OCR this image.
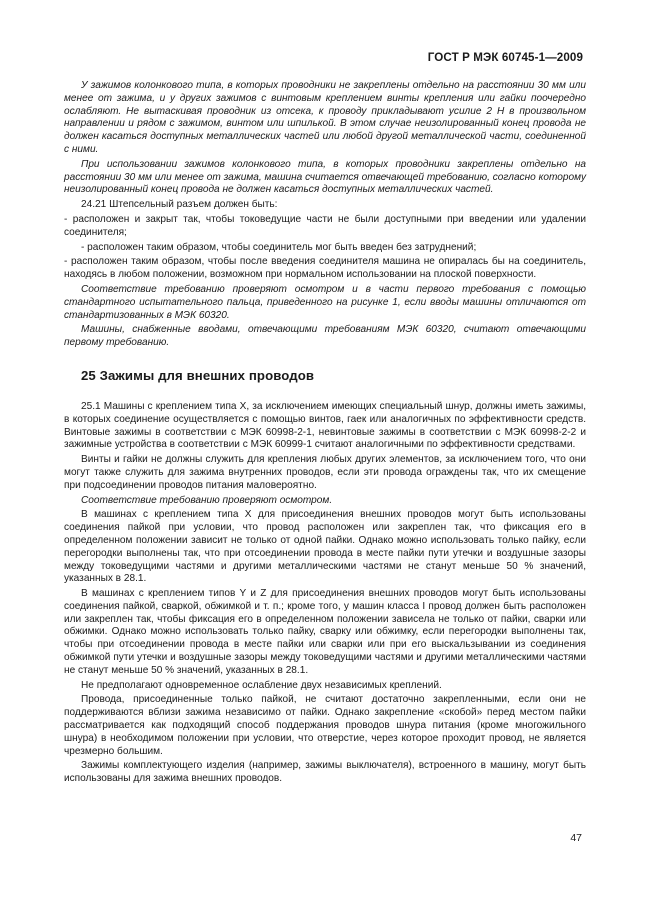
ГОСТ Р МЭК 60745-1—2009

У зажимов колонкового типа, в которых проводники не закреплены отдельно на расстоянии 30 мм или менее от зажима, и у других зажимов с винтовым креплением винты крепления или гайки поочередно ослабляют. Не вытаскивая проводник из отсека, к проводу прикладывают усилие 2 Н в произвольном направлении и рядом с зажимом, винтом или шпилькой. В этом случае неизолированный конец провода не должен касаться доступных металлических частей или любой другой металлической части, соединенной с ними.

При использовании зажимов колонкового типа, в которых проводники закреплены отдельно на расстоянии 30 мм или менее от зажима, машина считается отвечающей требованию, согласно которому неизолированный конец провода не должен касаться доступных металлических частей.

24.21 Штепсельный разъем должен быть:

- расположен и закрыт так, чтобы токоведущие части не были доступными при введении или удалении соединителя;

- расположен таким образом, чтобы соединитель мог быть введен без затруднений;

- расположен таким образом, чтобы после введения соединителя машина не опиралась бы на соединитель, находясь в любом положении, возможном при нормальном использовании на плоской поверхности.

Соответствие требованию проверяют осмотром и в части первого требования с помощью стандартного испытательного пальца, приведенного на рисунке 1, если вводы машины отличаются от стандартизованных в МЭК 60320.

Машины, снабженные вводами, отвечающими требованиям МЭК 60320, считают отвечающими первому требованию.

25 Зажимы для внешних проводов

25.1 Машины с креплением типа X, за исключением имеющих специальный шнур, должны иметь зажимы, в которых соединение осуществляется с помощью винтов, гаек или аналогичных по эффективности средств. Винтовые зажимы в соответствии с МЭК 60998-2-1, невинтовые зажимы в соответствии с МЭК 60998-2-2 и зажимные устройства в соответствии с МЭК 60999-1 считают аналогичными по эффективности средствами.

Винты и гайки не должны служить для крепления любых других элементов, за исключением того, что они могут также служить для зажима внутренних проводов, если эти провода ограждены так, что их смещение при подсоединении проводов питания маловероятно.

Соответствие требованию проверяют осмотром.

В машинах с креплением типа X для присоединения внешних проводов могут быть использованы соединения пайкой при условии, что провод расположен или закреплен так, что фиксация его в определенном положении зависит не только от одной пайки. Однако можно использовать только пайку, если перегородки выполнены так, что при отсоединении провода в месте пайки пути утечки и воздушные зазоры между токоведущими частями и другими металлическими частями не станут меньше 50 % значений, указанных в 28.1.

В машинах с креплением типов Y и Z для присоединения внешних проводов могут быть использованы соединения пайкой, сваркой, обжимкой и т. п.; кроме того, у машин класса I провод должен быть расположен или закреплен так, чтобы фиксация его в определенном положении зависела не только от пайки, сварки или обжимки. Однако можно использовать только пайку, сварку или обжимку, если перегородки выполнены так, чтобы при отсоединении провода в месте пайки или сварки или при его выскальзывании из соединения обжимкой пути утечки и воздушные зазоры между токоведущими частями и другими металлическими частями не станут меньше 50 % значений, указанных в 28.1.

Не предполагают одновременное ослабление двух независимых креплений.

Провода, присоединенные только пайкой, не считают достаточно закрепленными, если они не поддерживаются вблизи зажима независимо от пайки. Однако закрепление «скобой» перед местом пайки рассматривается как подходящий способ поддержания проводов шнура питания (кроме многожильного шнура) в необходимом положении при условии, что отверстие, через которое проходит провод, не является чрезмерно большим.

Зажимы комплектующего изделия (например, зажимы выключателя), встроенного в машину, могут быть использованы для зажима внешних проводов.

47
